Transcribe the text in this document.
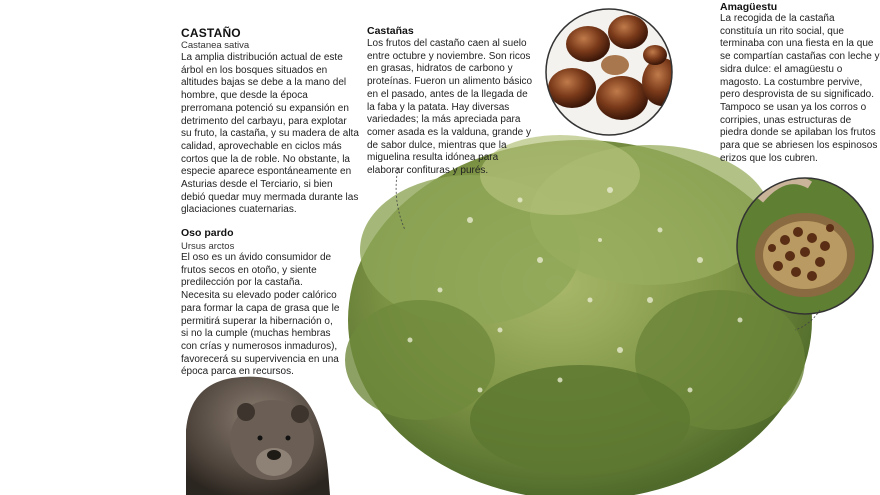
CASTAÑO
Castanea sativa
La amplia distribución actual de este árbol en los bosques situados en altitudes bajas se debe a la mano del hombre, que desde la época prerromana potenció su expansión en detrimento del carbayu, para explotar su fruto, la castaña, y su madera de alta calidad, aprovechable en ciclos más cortos que la de roble. No obstante, la especie aparece espontáneamente en Asturias desde el Terciario, si bien debió quedar muy mermada durante las glaciaciones cuaternarias.
Oso pardo
Ursus arctos
El oso es un ávido consumidor de frutos secos en otoño, y siente predilección por la castaña. Necesita su elevado poder calórico para formar la capa de grasa que le permitirá superar la hibernación o, si no la cumple (muchas hembras con crías y numerosos inmaduros), favorecerá su supervivencia en una época parca en recursos.
Castañas
Los frutos del castaño caen al suelo entre octubre y noviembre. Son ricos en grasas, hidratos de carbono y proteínas. Fueron un alimento básico en el pasado, antes de la llegada de la faba y la patata. Hay diversas variedades; la más apreciada para comer asada es la valduna, grande y de sabor dulce, mientras que la miguelina resulta idónea para elaborar confituras y purés.
Amagüestu
La recogida de la castaña constituía un rito social, que terminaba con una fiesta en la que se compartían castañas con leche y sidra dulce: el amagüestu o magosto. La costumbre pervive, pero desprovista de su significado. Tampoco se usan ya los corros o corripies, unas estructuras de piedra donde se apilaban los frutos para que se abriesen los espinosos erizos que los cubren.
